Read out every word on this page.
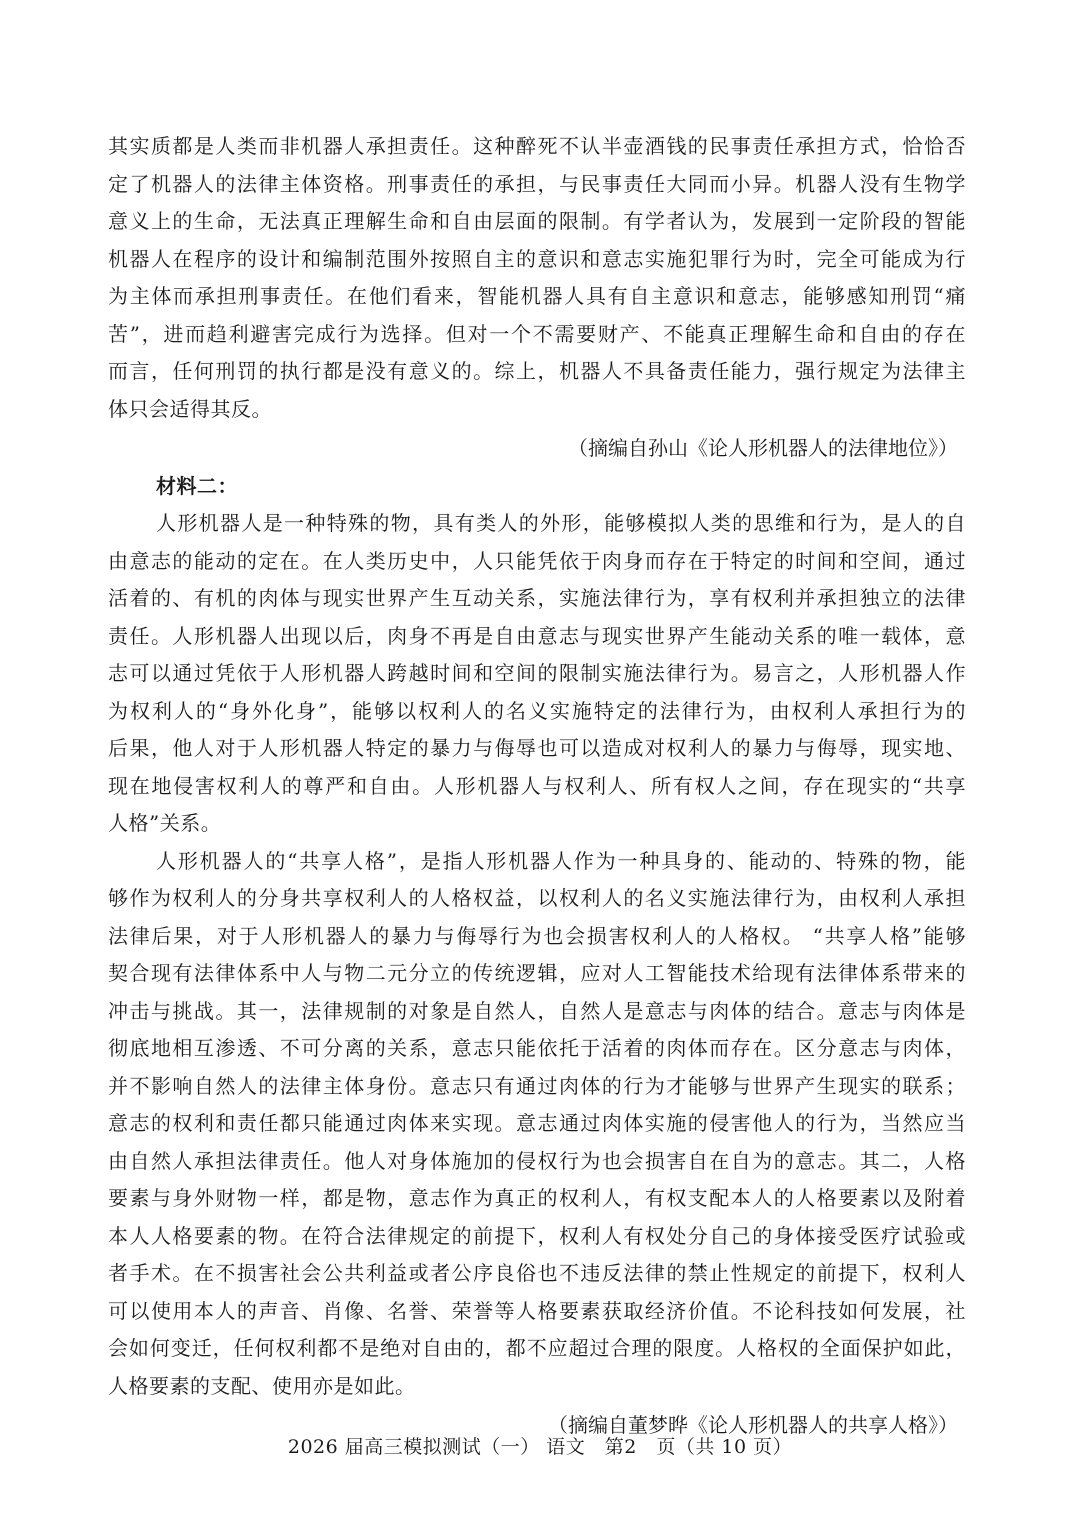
其实质都是人类而非机器人承担责任。这种醉死不认半壶酒钱的民事责任承担方式，恰恰否
定了机器人的法律主体资格。刑事责任的承担，与民事责任大同而小异。机器人没有生物学
意义上的生命，无法真正理解生命和自由层面的限制。有学者认为，发展到一定阶段的智能
机器人在程序的设计和编制范围外按照自主的意识和意志实施犯罪行为时，完全可能成为行
为主体而承担刑事责任。在他们看来，智能机器人具有自主意识和意志，能够感知刑罚“痛
苦”，进而趋利避害完成行为选择。但对一个不需要财产、不能真正理解生命和自由的存在
而言，任何刑罚的执行都是没有意义的。综上，机器人不具备责任能力，强行规定为法律主
体只会适得其反。
（摘编自孙山《论人形机器人的法律地位》）
材料二：
人形机器人是一种特殊的物，具有类人的外形，能够模拟人类的思维和行为，是人的自
由意志的能动的定在。在人类历史中，人只能凭依于肉身而存在于特定的时间和空间，通过
活着的、有机的肉体与现实世界产生互动关系，实施法律行为，享有权利并承担独立的法律
责任。人形机器人出现以后，肉身不再是自由意志与现实世界产生能动关系的唯一载体，意
志可以通过凭依于人形机器人跨越时间和空间的限制实施法律行为。易言之，人形机器人作
为权利人的“身外化身”，能够以权利人的名义实施特定的法律行为，由权利人承担行为的
后果，他人对于人形机器人特定的暴力与侮辱也可以造成对权利人的暴力与侮辱，现实地、
现在地侵害权利人的尊严和自由。人形机器人与权利人、所有权人之间，存在现实的“共享
人格”关系。
人形机器人的“共享人格”，是指人形机器人作为一种具身的、能动的、特殊的物，能
够作为权利人的分身共享权利人的人格权益，以权利人的名义实施法律行为，由权利人承担
法律后果，对于人形机器人的暴力与侮辱行为也会损害权利人的人格权。 “共享人格”能够
契合现有法律体系中人与物二元分立的传统逻辑，应对人工智能技术给现有法律体系带来的
冲击与挑战。其一，法律规制的对象是自然人，自然人是意志与肉体的结合。意志与肉体是
彻底地相互渗透、不可分离的关系，意志只能依托于活着的肉体而存在。区分意志与肉体，
并不影响自然人的法律主体身份。意志只有通过肉体的行为才能够与世界产生现实的联系；
意志的权利和责任都只能通过肉体来实现。意志通过肉体实施的侵害他人的行为，当然应当
由自然人承担法律责任。他人对身体施加的侵权行为也会损害自在自为的意志。其二，人格
要素与身外财物一样，都是物，意志作为真正的权利人，有权支配本人的人格要素以及附着
本人人格要素的物。在符合法律规定的前提下，权利人有权处分自己的身体接受医疗试验或
者手术。在不损害社会公共利益或者公序良俗也不违反法律的禁止性规定的前提下，权利人
可以使用本人的声音、肖像、名誉、荣誉等人格要素获取经济价值。不论科技如何发展，社
会如何变迁，任何权利都不是绝对自由的，都不应超过合理的限度。人格权的全面保护如此，
人格要素的支配、使用亦是如此。
（摘编自董梦晔《论人形机器人的共享人格》）
2026 届高三模拟测试（一） 语文　第2　页（共 10 页）
